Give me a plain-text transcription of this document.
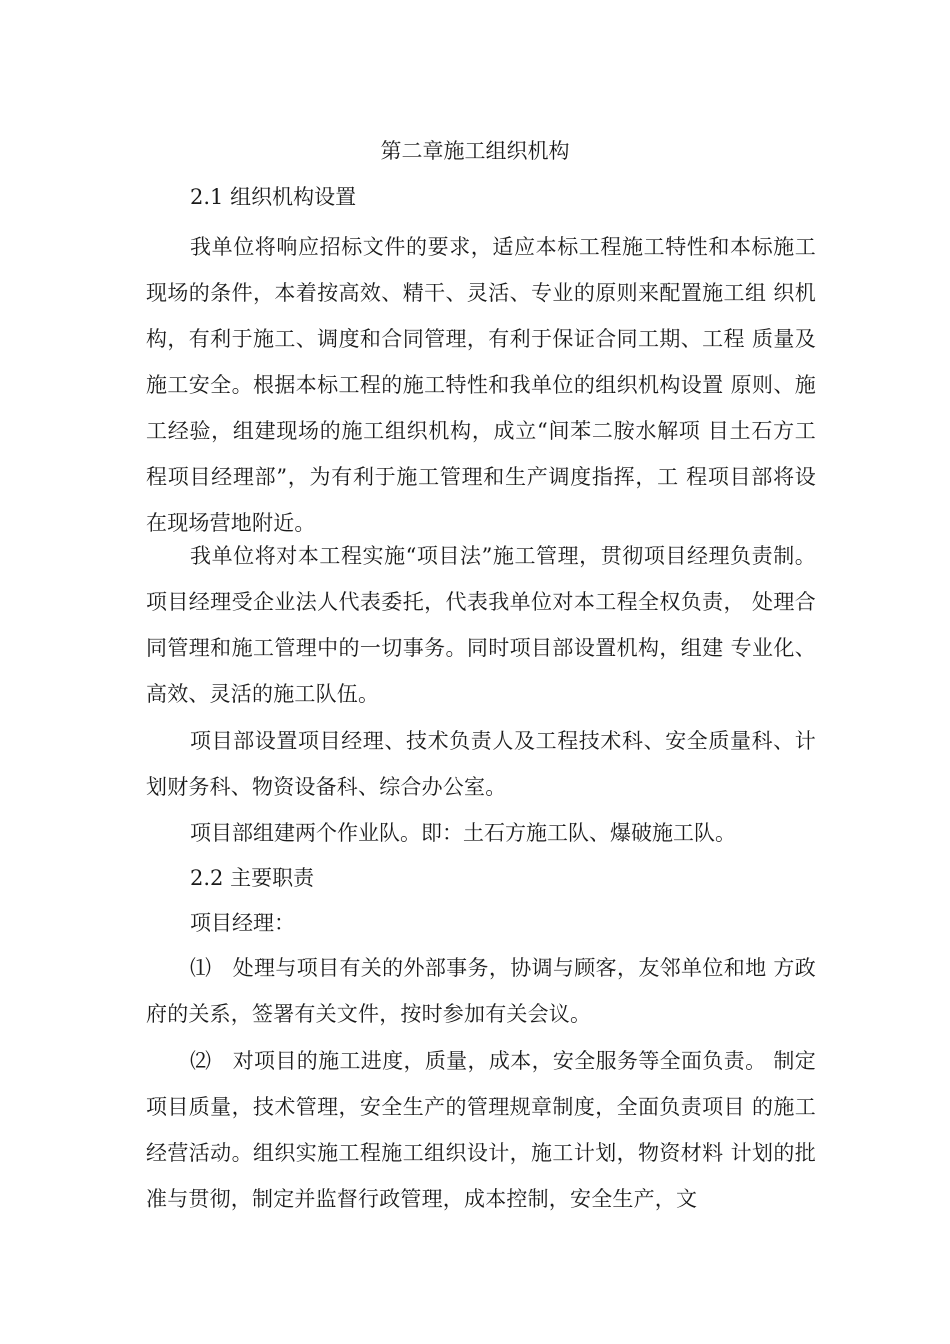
第二章施工组织机构
2.1 组织机构设置
我单位将响应招标文件的要求，适应本标工程施工特性和本标施工现场的条件，本着按高效、精干、灵活、专业的原则来配置施工组 织机构，有利于施工、调度和合同管理，有利于保证合同工期、工程 质量及施工安全。根据本标工程的施工特性和我单位的组织机构设置 原则、施工经验，组建现场的施工组织机构，成立“间苯二胺水解项 目土石方工程项目经理部”，为有利于施工管理和生产调度指挥，工 程项目部将设在现场营地附近。
我单位将对本工程实施“项目法”施工管理，贯彻项目经理负责制。项目经理受企业法人代表委托，代表我单位对本工程全权负责， 处理合同管理和施工管理中的一切事务。同时项目部设置机构，组建 专业化、高效、灵活的施工队伍。
项目部设置项目经理、技术负责人及工程技术科、安全质量科、计划财务科、物资设备科、综合办公室。
项目部组建两个作业队。即：土石方施工队、爆破施工队。
2.2 主要职责
项目经理：
⑴　处理与项目有关的外部事务，协调与顾客，友邻单位和地 方政府的关系，签署有关文件，按时参加有关会议。
⑵　对项目的施工进度，质量，成本，安全服务等全面负责。 制定项目质量，技术管理，安全生产的管理规章制度，全面负责项目 的施工经营活动。组织实施工程施工组织设计，施工计划，物资材料 计划的批准与贯彻，制定并监督行政管理，成本控制，安全生产，文
